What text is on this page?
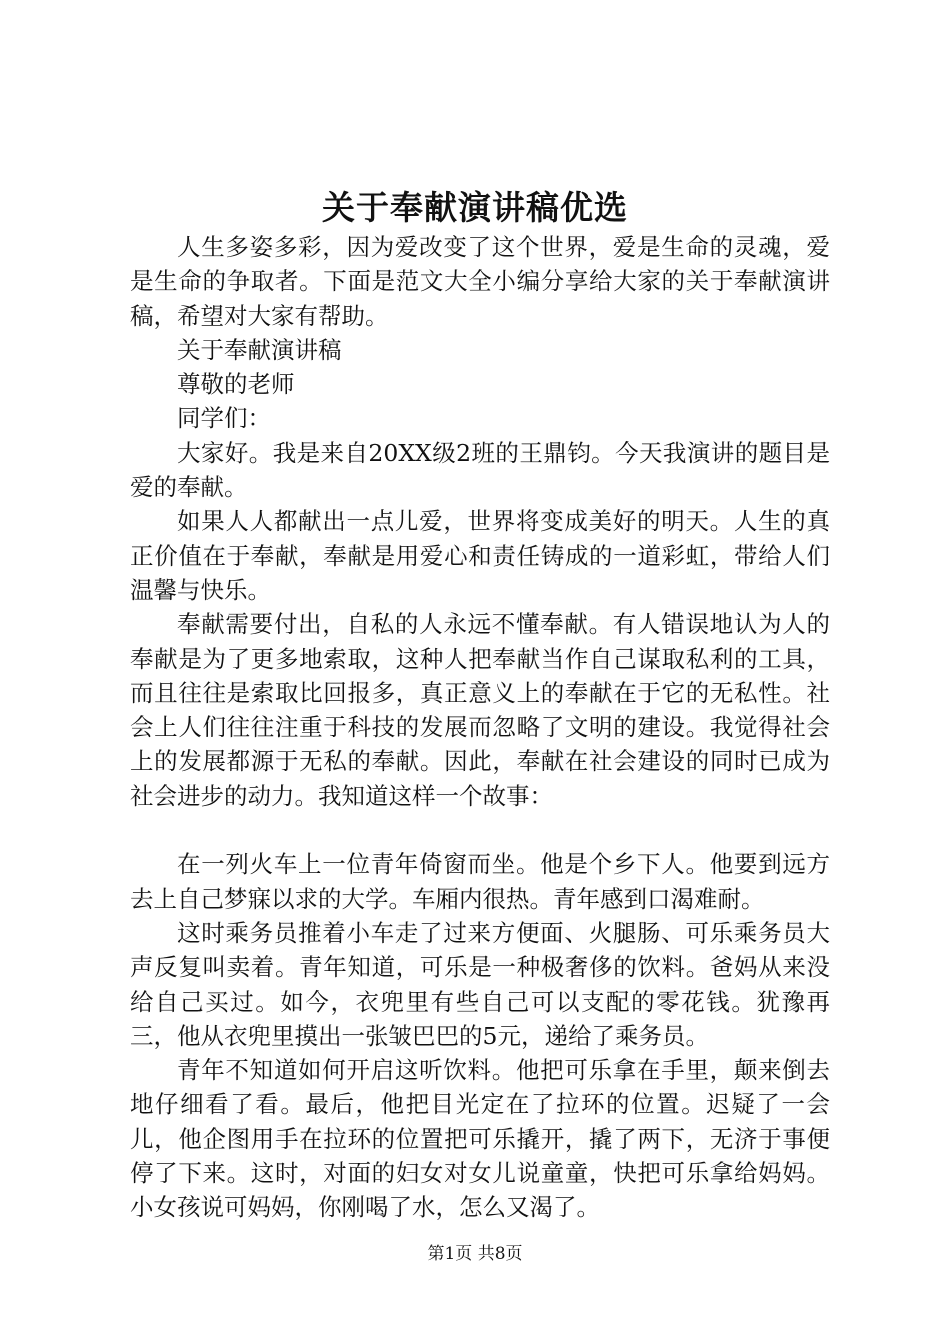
关于奉献演讲稿优选

人生多姿多彩，因为爱改变了这个世界，爱是生命的灵魂，爱是生命的争取者。下面是范文大全小编分享给大家的关于奉献演讲稿，希望对大家有帮助。

关于奉献演讲稿

尊敬的老师

同学们：

大家好。我是来自20XX级2班的王鼎钧。今天我演讲的题目是爱的奉献。

如果人人都献出一点儿爱，世界将变成美好的明天。人生的真正价值在于奉献，奉献是用爱心和责任铸成的一道彩虹，带给人们温馨与快乐。

奉献需要付出，自私的人永远不懂奉献。有人错误地认为人的奉献是为了更多地索取，这种人把奉献当作自己谋取私利的工具，而且往往是索取比回报多，真正意义上的奉献在于它的无私性。社会上人们往往注重于科技的发展而忽略了文明的建设。我觉得社会上的发展都源于无私的奉献。因此，奉献在社会建设的同时已成为社会进步的动力。我知道这样一个故事：

在一列火车上一位青年倚窗而坐。他是个乡下人。他要到远方去上自己梦寐以求的大学。车厢内很热。青年感到口渴难耐。

这时乘务员推着小车走了过来方便面、火腿肠、可乐乘务员大声反复叫卖着。青年知道，可乐是一种极奢侈的饮料。爸妈从来没给自己买过。如今，衣兜里有些自己可以支配的零花钱。犹豫再三，他从衣兜里摸出一张皱巴巴的5元，递给了乘务员。

青年不知道如何开启这听饮料。他把可乐拿在手里，颠来倒去地仔细看了看。最后，他把目光定在了拉环的位置。迟疑了一会儿，他企图用手在拉环的位置把可乐撬开，撬了两下，无济于事便停了下来。这时，对面的妇女对女儿说童童，快把可乐拿给妈妈。小女孩说可妈妈，你刚喝了水，怎么又渴了。

第1页 共8页
